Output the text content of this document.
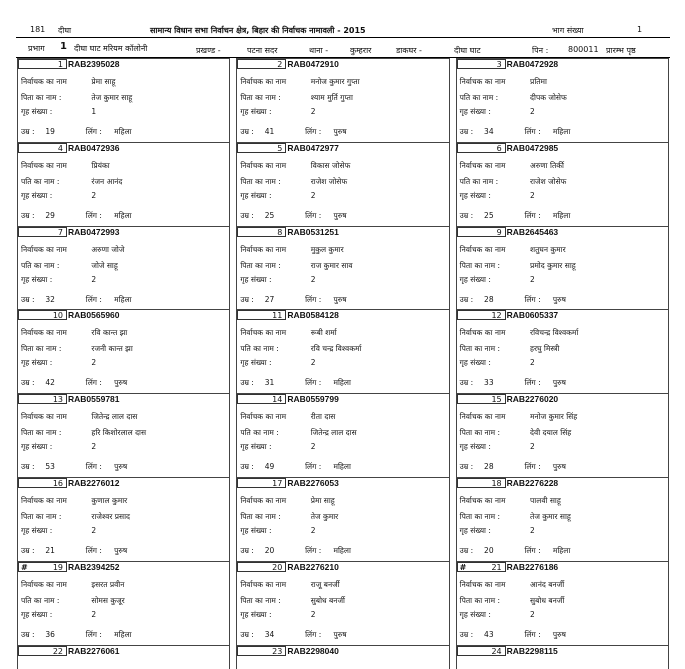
181 दीघा	सामान्य विधान सभा निर्वाचन क्षेत्र, बिहार की निर्वाचक नामावली - 2015	भाग संख्या	1
प्रभाग 1 दीघा घाट मरियम कॉलोनी	प्रखण्ड -	पटना सदर	थाना -	कुम्हरार	डाकघर -	दीघा घाट	पिन : 800011 प्रारम्भ पृष्ठ
1 RAB2395028
निर्वाचक का नाम	प्रेमा साहू
पिता का नाम :	तेज कुमार साहू
गृह संख्या :	1
उम्र : 19	लिंग : महिला
2 RAB0472910
निर्वाचक का नाम	मनोज कुमार गुप्ता
पिता का नाम :	श्याम मुर्ति गुप्ता
गृह संख्या :	2
उम्र : 41	लिंग : पुरुष
3 RAB0472928
निर्वाचक का नाम	प्रतिमा
पति का नाम :	दीपक जोसेफ
गृह संख्या :	2
उम्र : 34	लिंग : महिला
4 RAB0472936
निर्वाचक का नाम	प्रियंका
पति का नाम :	रंजन आनंद
गृह संख्या :	2
उम्र : 29	लिंग : महिला
5 RAB0472977
निर्वाचक का नाम	विकास जोसेफ
पिता का नाम :	राजेश जोसेफ
गृह संख्या :	2
उम्र : 25	लिंग : पुरुष
6 RAB0472985
निर्वाचक का नाम	अरुणा तिर्की
पति का नाम :	राजेश जोसेफ
गृह संख्या :	2
उम्र : 25	लिंग : महिला
7 RAB0472993
निर्वाचक का नाम	अरुणा जोजे
पति का नाम :	जोजे साहू
गृह संख्या :	2
उम्र : 32	लिंग : महिला
8 RAB0531251
निर्वाचक का नाम	मुकुल कुमार
पिता का नाम :	राज कुमार साव
गृह संख्या :	2
उम्र : 27	लिंग : पुरुष
9 RAB2645463
निर्वाचक का नाम	शतुघन कुमार
पिता का नाम :	प्रमोद कुमार साहू
गृह संख्या :	2
उम्र : 28	लिंग : पुरुष
10 RAB0565960
निर्वाचक का नाम	रवि कान्त झा
पिता का नाम :	रजनी कान्त झा
गृह संख्या :	2
उम्र : 42	लिंग : पुरुष
11 RAB0584128
निर्वाचक का नाम	रूबी शर्मा
पति का नाम :	रवि चन्द्र विश्वकर्मा
गृह संख्या :	2
उम्र : 31	लिंग : महिला
12 RAB0605337
निर्वाचक का नाम	रविचन्द्र विश्वकर्मा
पिता का नाम :	हरघु मिस्त्री
गृह संख्या :	2
उम्र : 33	लिंग : पुरुष
13 RAB0559781
निर्वाचक का नाम	जितेन्द्र लाल दास
पिता का नाम :	हरि किशोरलाल दास
गृह संख्या :	2
उम्र : 53	लिंग : पुरुष
14 RAB0559799
निर्वाचक का नाम	रीता दास
पति का नाम :	जितेन्द्र लाल दास
गृह संख्या :	2
उम्र : 49	लिंग : महिला
15 RAB2276020
निर्वाचक का नाम	मनोज कुमार सिंह
पिता का नाम :	देवी दयाल सिंह
गृह संख्या :	2
उम्र : 28	लिंग : पुरुष
16 RAB2276012
निर्वाचक का नाम	कुणाल कुमार
पिता का नाम :	राजेश्वर प्रसाद
गृह संख्या :	2
उम्र : 21	लिंग : पुरुष
17 RAB2276053
निर्वाचक का नाम	प्रेमा साहू
पिता का नाम :	तेज कुमार
गृह संख्या :	2
उम्र : 20	लिंग : महिला
18 RAB2276228
निर्वाचक का नाम	पालवी साहू
पिता का नाम :	तेज कुमार साहू
गृह संख्या :	2
उम्र : 20	लिंग : महिला
#	19 RAB2394252
निर्वाचक का नाम	इसरत प्रवीन
पति का नाम :	सोमस कुजूर
गृह संख्या :	2
उम्र : 36	लिंग : महिला
20 RAB2276210
निर्वाचक का नाम	राजू बनर्जी
पिता का नाम :	सुबोध बनर्जी
गृह संख्या :	2
उम्र : 34	लिंग : पुरुष
#	21 RAB2276186
निर्वाचक का नाम	आनंद बनर्जी
पिता का नाम :	सुबोध बनर्जी
गृह संख्या :	2
उम्र : 43	लिंग : पुरुष
22 RAB2276061	23 RAB2298040	24 RAB2298115
